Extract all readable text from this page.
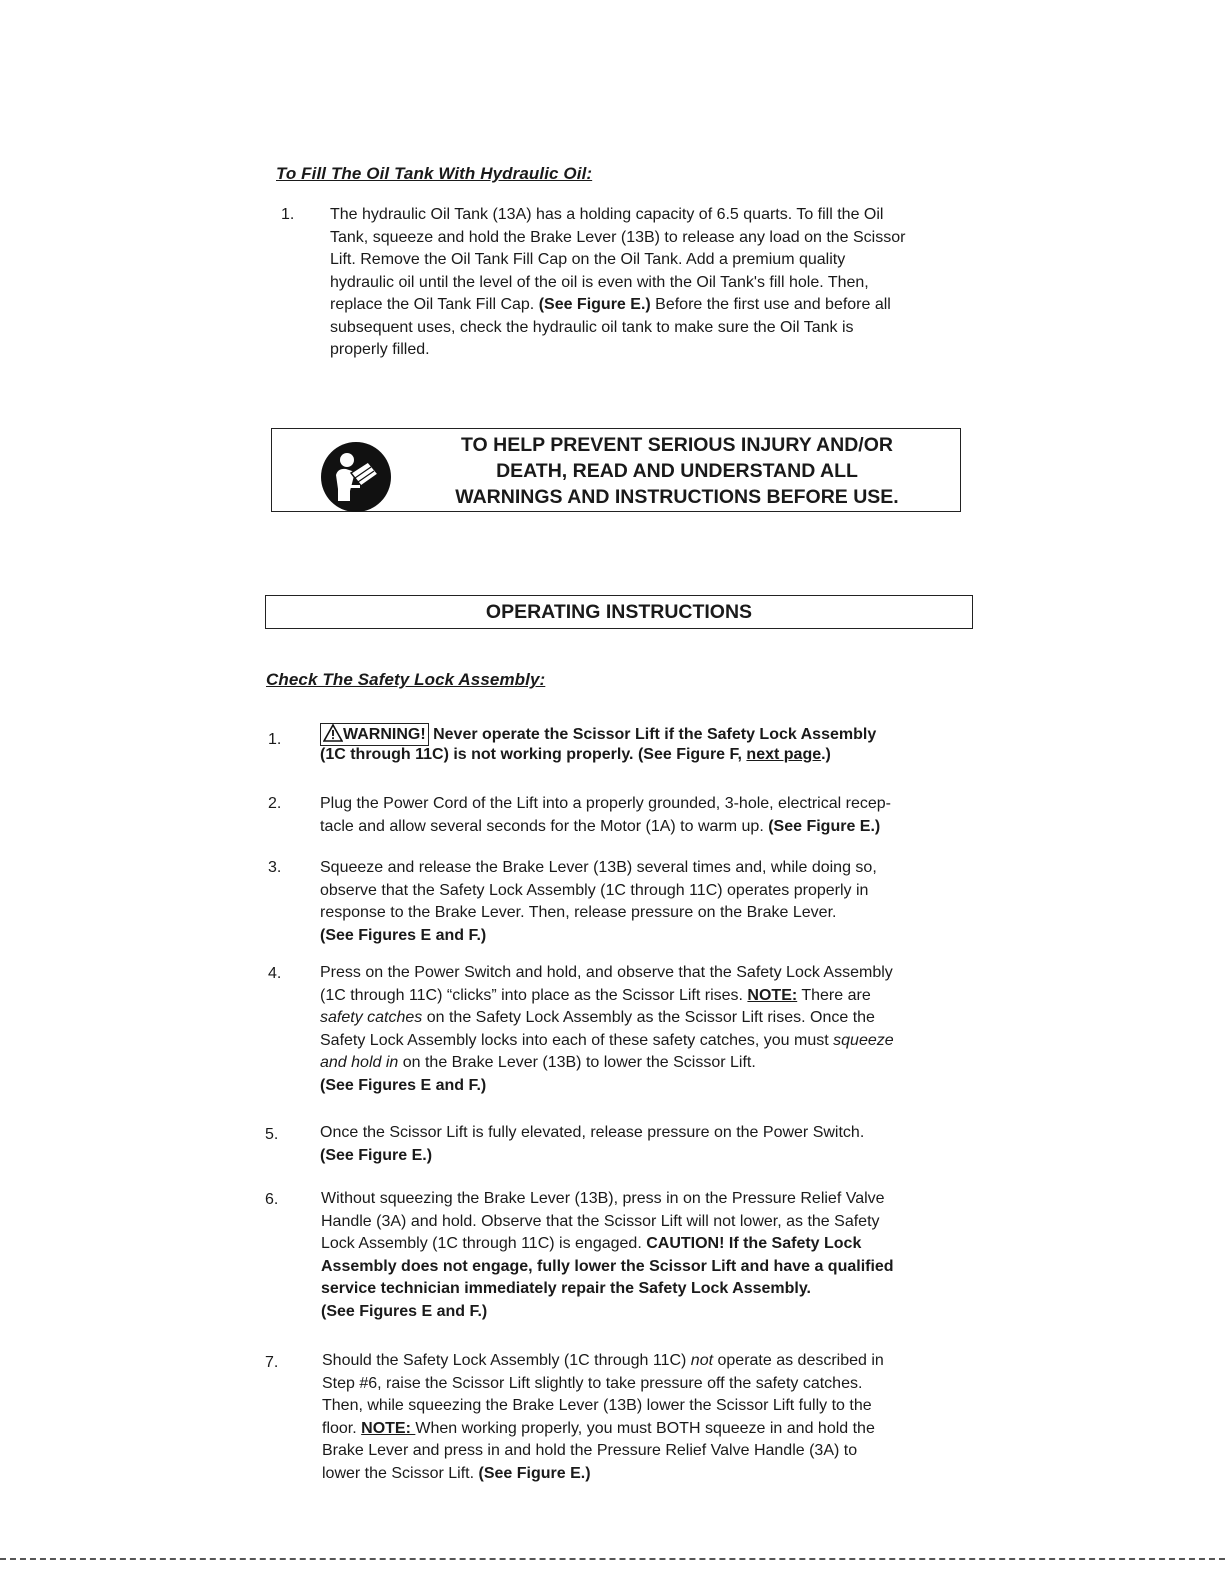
To Fill The Oil Tank With Hydraulic Oil:
1. The hydraulic Oil Tank (13A) has a holding capacity of 6.5 quarts. To fill the Oil
Tank, squeeze and hold the Brake Lever (13B) to release any load on the Scissor
Lift. Remove the Oil Tank Fill Cap on the Oil Tank. Add a premium quality
hydraulic oil until the level of the oil is even with the Oil Tank's fill hole. Then,
replace the Oil Tank Fill Cap. (See Figure E.) Before the first use and before all
subsequent uses, check the hydraulic oil tank to make sure the Oil Tank is
properly filled.
TO HELP PREVENT SERIOUS INJURY AND/OR
DEATH, READ AND UNDERSTAND ALL
WARNINGS AND INSTRUCTIONS BEFORE USE.
OPERATING INSTRUCTIONS
Check The Safety Lock Assembly:
1.	WARNING! Never operate the Scissor Lift if the Safety Lock Assembly
(1C through 11C) is not working properly. (See Figure F, next page.)
2. Plug the Power Cord of the Lift into a properly grounded, 3-hole, electrical recep-
tacle and allow several seconds for the Motor (1A) to warm up. (See Figure E.)
3. Squeeze and release the Brake Lever (13B) several times and, while doing so,
observe that the Safety Lock Assembly (1C through 11C) operates properly in
response to the Brake Lever. Then, release pressure on the Brake Lever.
(See Figures E and F.)
4. Press on the Power Switch and hold, and observe that the Safety Lock Assembly
(1C through 11C) “clicks” into place as the Scissor Lift rises. NOTE: There are
safety catches on the Safety Lock Assembly as the Scissor Lift rises. Once the
Safety Lock Assembly locks into each of these safety catches, you must squeeze
and hold in on the Brake Lever (13B) to lower the Scissor Lift.
(See Figures E and F.)
5.	Once the Scissor Lift is fully elevated, release pressure on the Power Switch.
(See Figure E.)
6.	Without squeezing the Brake Lever (13B), press in on the Pressure Relief Valve
Handle (3A) and hold. Observe that the Scissor Lift will not lower, as the Safety
Lock Assembly (1C through 11C) is engaged. CAUTION! If the Safety Lock
Assembly does not engage, fully lower the Scissor Lift and have a qualified
service technician immediately repair the Safety Lock Assembly.
(See Figures E and F.)
7.	Should the Safety Lock Assembly (1C through 11C) not operate as described in
Step #6, raise the Scissor Lift slightly to take pressure off the safety catches.
Then, while squeezing the Brake Lever (13B) lower the Scissor Lift fully to the
floor. NOTE: When working properly, you must BOTH squeeze in and hold the
Brake Lever and press in and hold the Pressure Relief Valve Handle (3A) to
lower the Scissor Lift. (See Figure E.)
